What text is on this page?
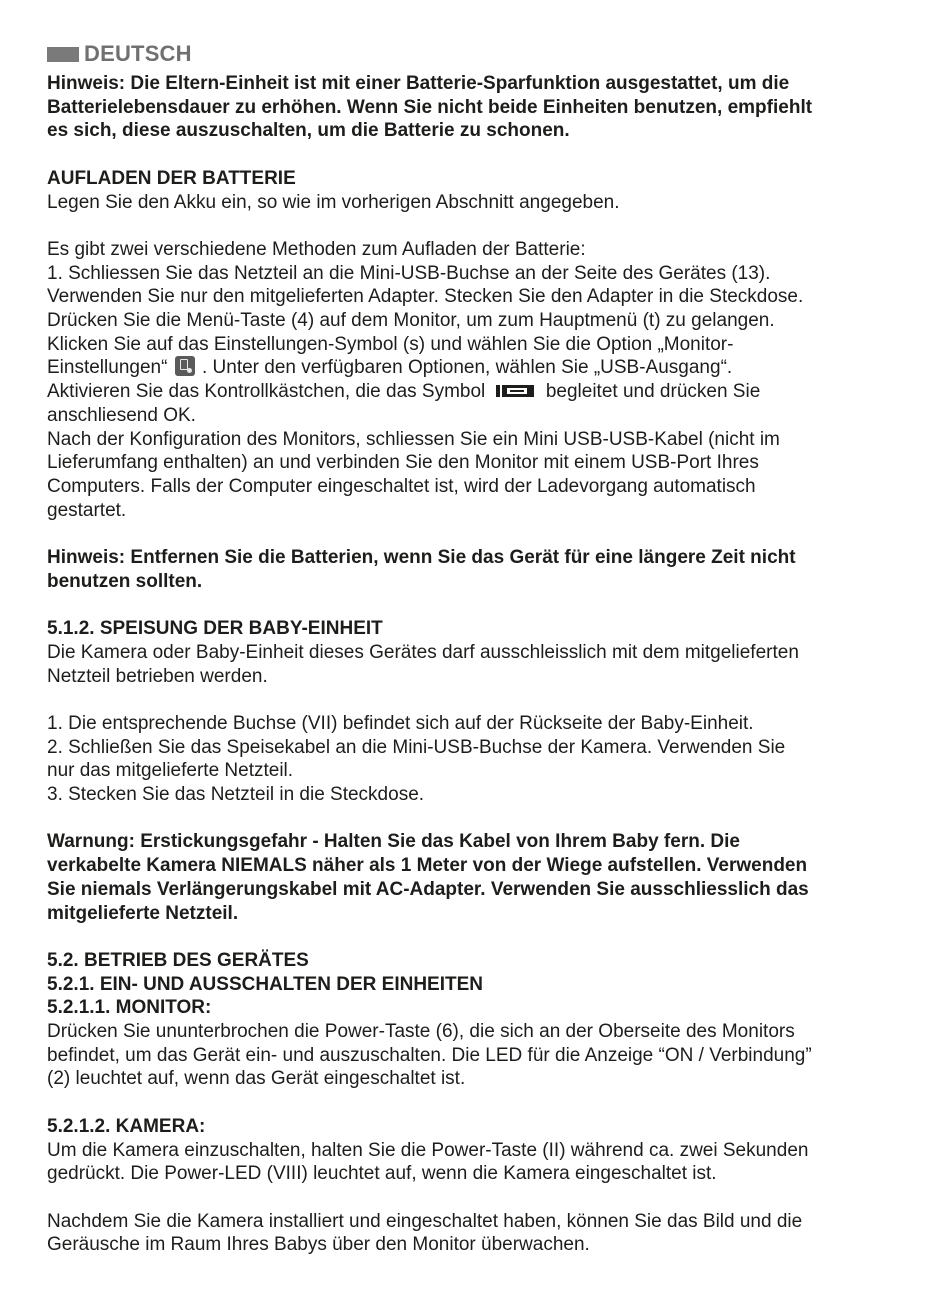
DEUTSCH

Hinweis: Die Eltern-Einheit ist mit einer Batterie-Sparfunktion ausgestattet, um die
Batterielebensdauer zu erhöhen. Wenn Sie nicht beide Einheiten benutzen, empfiehlt
es sich, diese auszuschalten, um die Batterie zu schonen.

AUFLADEN DER BATTERIE
Legen Sie den Akku ein, so wie im vorherigen Abschnitt angegeben.
Es gibt zwei verschiedene Methoden zum Aufladen der Batterie:
1. Schliessen Sie das Netzteil an die Mini-USB-Buchse an der Seite des Gerätes (13).
Verwenden Sie nur den mitgelieferten Adapter. Stecken Sie den Adapter in die Steckdose.
Drücken Sie die Menü-Taste (4) auf dem Monitor, um zum Hauptmenü (t) zu gelangen.
Klicken Sie auf das Einstellungen-Symbol (s) und wählen Sie die Option „Monitor-
Einstellungen“ . Unter den verfügbaren Optionen, wählen Sie „USB-Ausgang“.
Aktivieren Sie das Kontrollkästchen, die das Symbol	begleitet und drücken Sie
anschliesend OK.
Nach der Konfiguration des Monitors, schliessen Sie ein Mini USB-USB-Kabel (nicht im
Lieferumfang enthalten) an und verbinden Sie den Monitor mit einem USB-Port Ihres
Computers. Falls der Computer eingeschaltet ist, wird der Ladevorgang automatisch
gestartet.

Hinweis: Entfernen Sie die Batterien, wenn Sie das Gerät für eine längere Zeit nicht
benutzen sollten.

5.1.2. SPEISUNG DER BABY-EINHEIT
Die Kamera oder Baby-Einheit dieses Gerätes darf ausschleisslich mit dem mitgelieferten
Netzteil betrieben werden.
1. Die entsprechende Buchse (VII) befindet sich auf der Rückseite der Baby-Einheit.
2. Schließen Sie das Speisekabel an die Mini-USB-Buchse der Kamera. Verwenden Sie
nur das mitgelieferte Netzteil.
3. Stecken Sie das Netzteil in die Steckdose.

Warnung: Erstickungsgefahr - Halten Sie das Kabel von Ihrem Baby fern. Die
verkabelte Kamera NIEMALS näher als 1 Meter von der Wiege aufstellen. Verwenden
Sie niemals Verlängerungskabel mit AC-Adapter. Verwenden Sie ausschliesslich das
mitgelieferte Netzteil.

5.2. BETRIEB DES GERÄTES
5.2.1. EIN- UND AUSSCHALTEN DER EINHEITEN
5.2.1.1. MONITOR:
Drücken Sie ununterbrochen die Power-Taste (6), die sich an der Oberseite des Monitors
befindet, um das Gerät ein- und auszuschalten. Die LED für die Anzeige “ON / Verbindung”
(2) leuchtet auf, wenn das Gerät eingeschaltet ist.
5.2.1.2. KAMERA:
Um die Kamera einzuschalten, halten Sie die Power-Taste (II) während ca. zwei Sekunden
gedrückt. Die Power-LED (VIII) leuchtet auf, wenn die Kamera eingeschaltet ist.
Nachdem Sie die Kamera installiert und eingeschaltet haben, können Sie das Bild und die
Geräusche im Raum Ihres Babys über den Monitor überwachen.
